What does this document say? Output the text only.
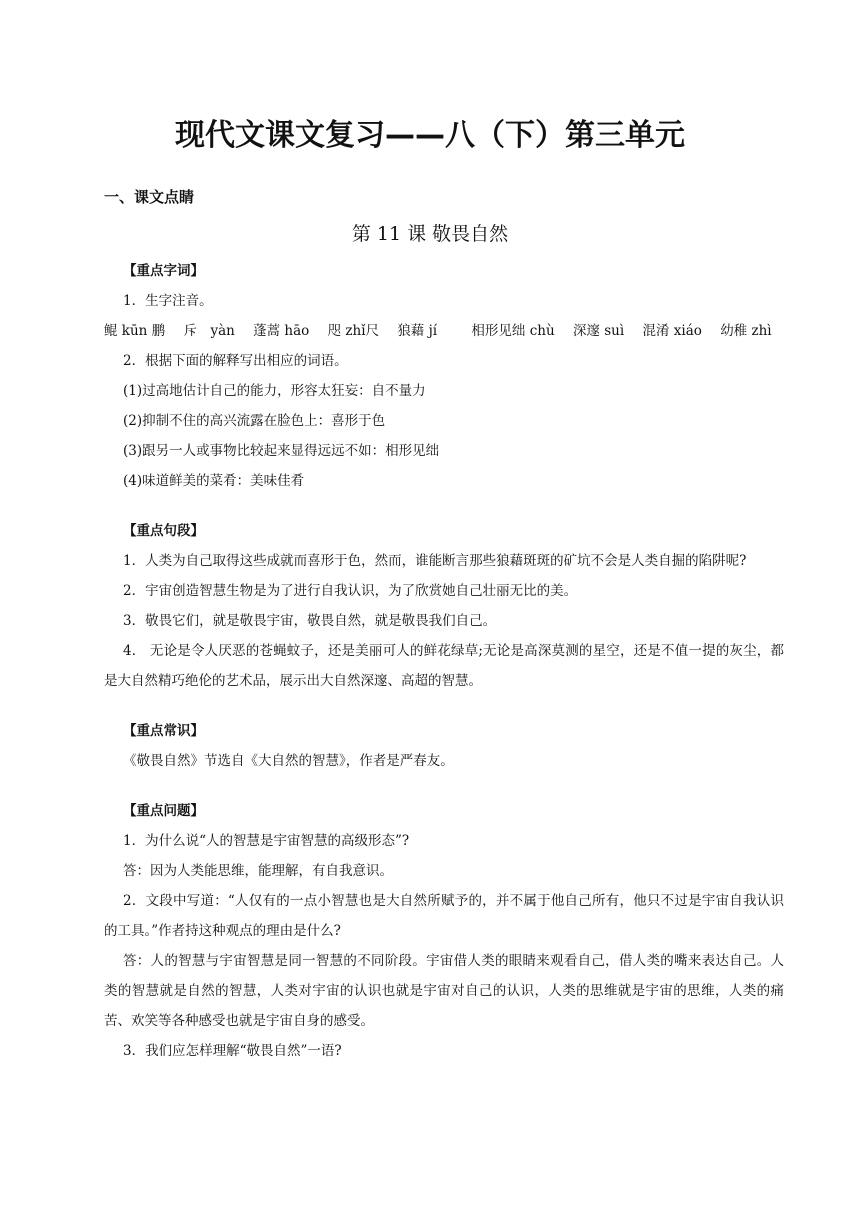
现代文课文复习——八（下）第三单元
一、课文点睛
第 11 课 敬畏自然

【重点字词】

1．生字注音。

鲲 kūn 鹏 斥　yàn 蓬蒿 hāo 咫 zhǐ尺 狼藉 jí	相形见绌 chù 深邃 suì 混淆 xiáo 幼稚 zhì

2．根据下面的解释写出相应的词语。

(1)过高地估计自己的能力，形容太狂妄：自不量力

(2)抑制不住的高兴流露在脸色上：喜形于色

(3)跟另一人或事物比较起来显得远远不如：相形见绌

(4)味道鲜美的菜肴：美味佳肴

【重点句段】

1．人类为自己取得这些成就而喜形于色，然而，谁能断言那些狼藉斑斑的矿坑不会是人类自掘的陷阱呢?

2．宇宙创造智慧生物是为了进行自我认识，为了欣赏她自己壮丽无比的美。

3．敬畏它们，就是敬畏宇宙，敬畏自然，就是敬畏我们自己。

4． 无论是令人厌恶的苍蝇蚊子，还是美丽可人的鲜花绿草;无论是高深莫测的星空，还是不值一提的灰尘，都是大自然精巧绝伦的艺术品，展示出大自然深邃、高超的智慧。

【重点常识】

《敬畏自然》节选自《大自然的智慧》，作者是严春友。

【重点问题】

1．为什么说“人的智慧是宇宙智慧的高级形态”?

答：因为人类能思维，能理解，有自我意识。

2．文段中写道：“人仅有的一点小智慧也是大自然所赋予的，并不属于他自己所有，他只不过是宇宙自我认识的工具。”作者持这种观点的理由是什么?

答：人的智慧与宇宙智慧是同一智慧的不同阶段。宇宙借人类的眼睛来观看自己，借人类的嘴来表达自己。人类的智慧就是自然的智慧，人类对宇宙的认识也就是宇宙对自己的认识，人类的思维就是宇宙的思维，人类的痛苦、欢笑等各种感受也就是宇宙自身的感受。

3．我们应怎样理解“敬畏自然”一语?
